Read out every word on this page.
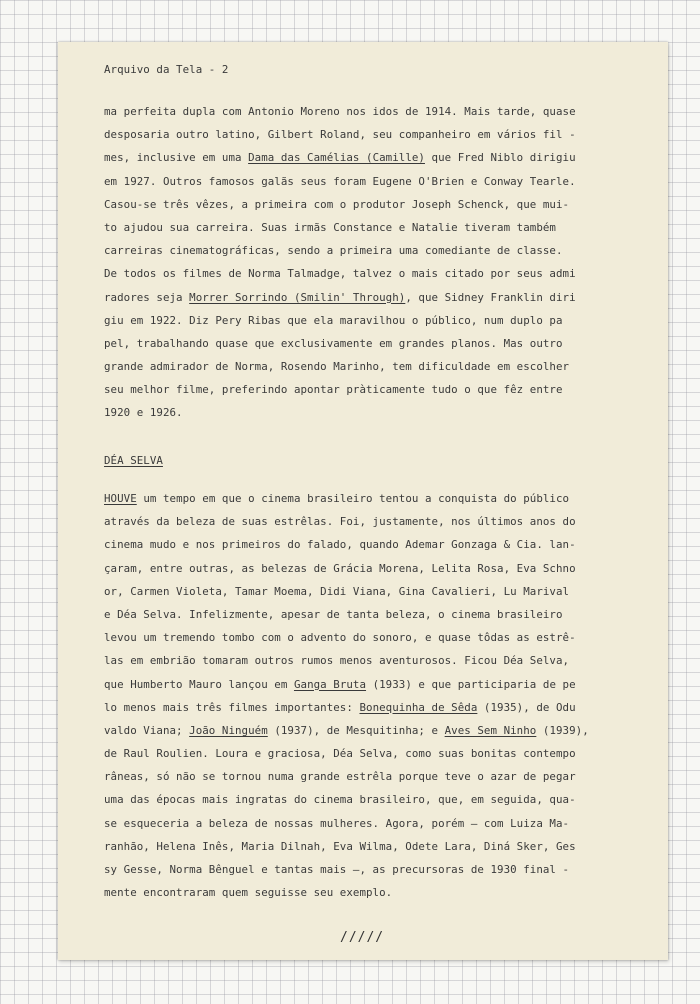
Arquivo da Tela - 2
ma perfeita dupla com Antonio Moreno nos idos de 1914. Mais tarde, quase
desposaria outro latino, Gilbert Roland, seu companheiro em vários fil -
mes, inclusive em uma Dama das Camélias (Camille) que Fred Niblo dirigiu
em 1927. Outros famosos galãs seus foram Eugene O'Brien e Conway Tearle.
Casou-se três vêzes, a primeira com o produtor Joseph Schenck, que mui-
to ajudou sua carreira. Suas irmãs Constance e Natalie tiveram também
carreiras cinematográficas, sendo a primeira uma comediante de classe.
De todos os filmes de Norma Talmadge, talvez o mais citado por seus admi
radores seja Morrer Sorrindo (Smilin' Through), que Sidney Franklin diri
giu em 1922. Diz Pery Ribas que ela maravilhou o público, num duplo pa
pel, trabalhando quase que exclusivamente em grandes planos. Mas outro
grande admirador de Norma, Rosendo Marinho, tem dificuldade em escolher
seu melhor filme, preferindo apontar pràticamente tudo o que fêz entre
1920 e 1926.
DÉA SELVA
HOUVE um tempo em que o cinema brasileiro tentou a conquista do público
através da beleza de suas estrêlas. Foi, justamente, nos últimos anos do
cinema mudo e nos primeiros do falado, quando Ademar Gonzaga & Cia. lan-
çaram, entre outras, as belezas de Grácia Morena, Lelita Rosa, Eva Schno
or, Carmen Violeta, Tamar Moema, Didi Viana, Gina Cavalieri, Lu Marival
e Déa Selva. Infelizmente, apesar de tanta beleza, o cinema brasileiro
levou um tremendo tombo com o advento do sonoro, e quase tôdas as estrê-
las em embrião tomaram outros rumos menos aventurosos. Ficou Déa Selva,
que Humberto Mauro lançou em Ganga Bruta (1933) e que participaria de pe
lo menos mais três filmes importantes: Bonequinha de Sêda (1935), de Odu
valdo Viana; João Ninguém (1937), de Mesquitinha; e Aves Sem Ninho (1939),
de Raul Roulien. Loura e graciosa, Déa Selva, como suas bonitas contempo
râneas, só não se tornou numa grande estrêla porque teve o azar de pegar
uma das épocas mais ingratas do cinema brasileiro, que, em seguida, qua-
se esqueceria a beleza de nossas mulheres. Agora, porém — com Luiza Ma-
ranhão, Helena Inês, Maria Dilnah, Eva Wilma, Odete Lara, Diná Sker, Ges
sy Gesse, Norma Bênguel e tantas mais —, as precursoras de 1930 final -
mente encontraram quem seguisse seu exemplo.
/////
